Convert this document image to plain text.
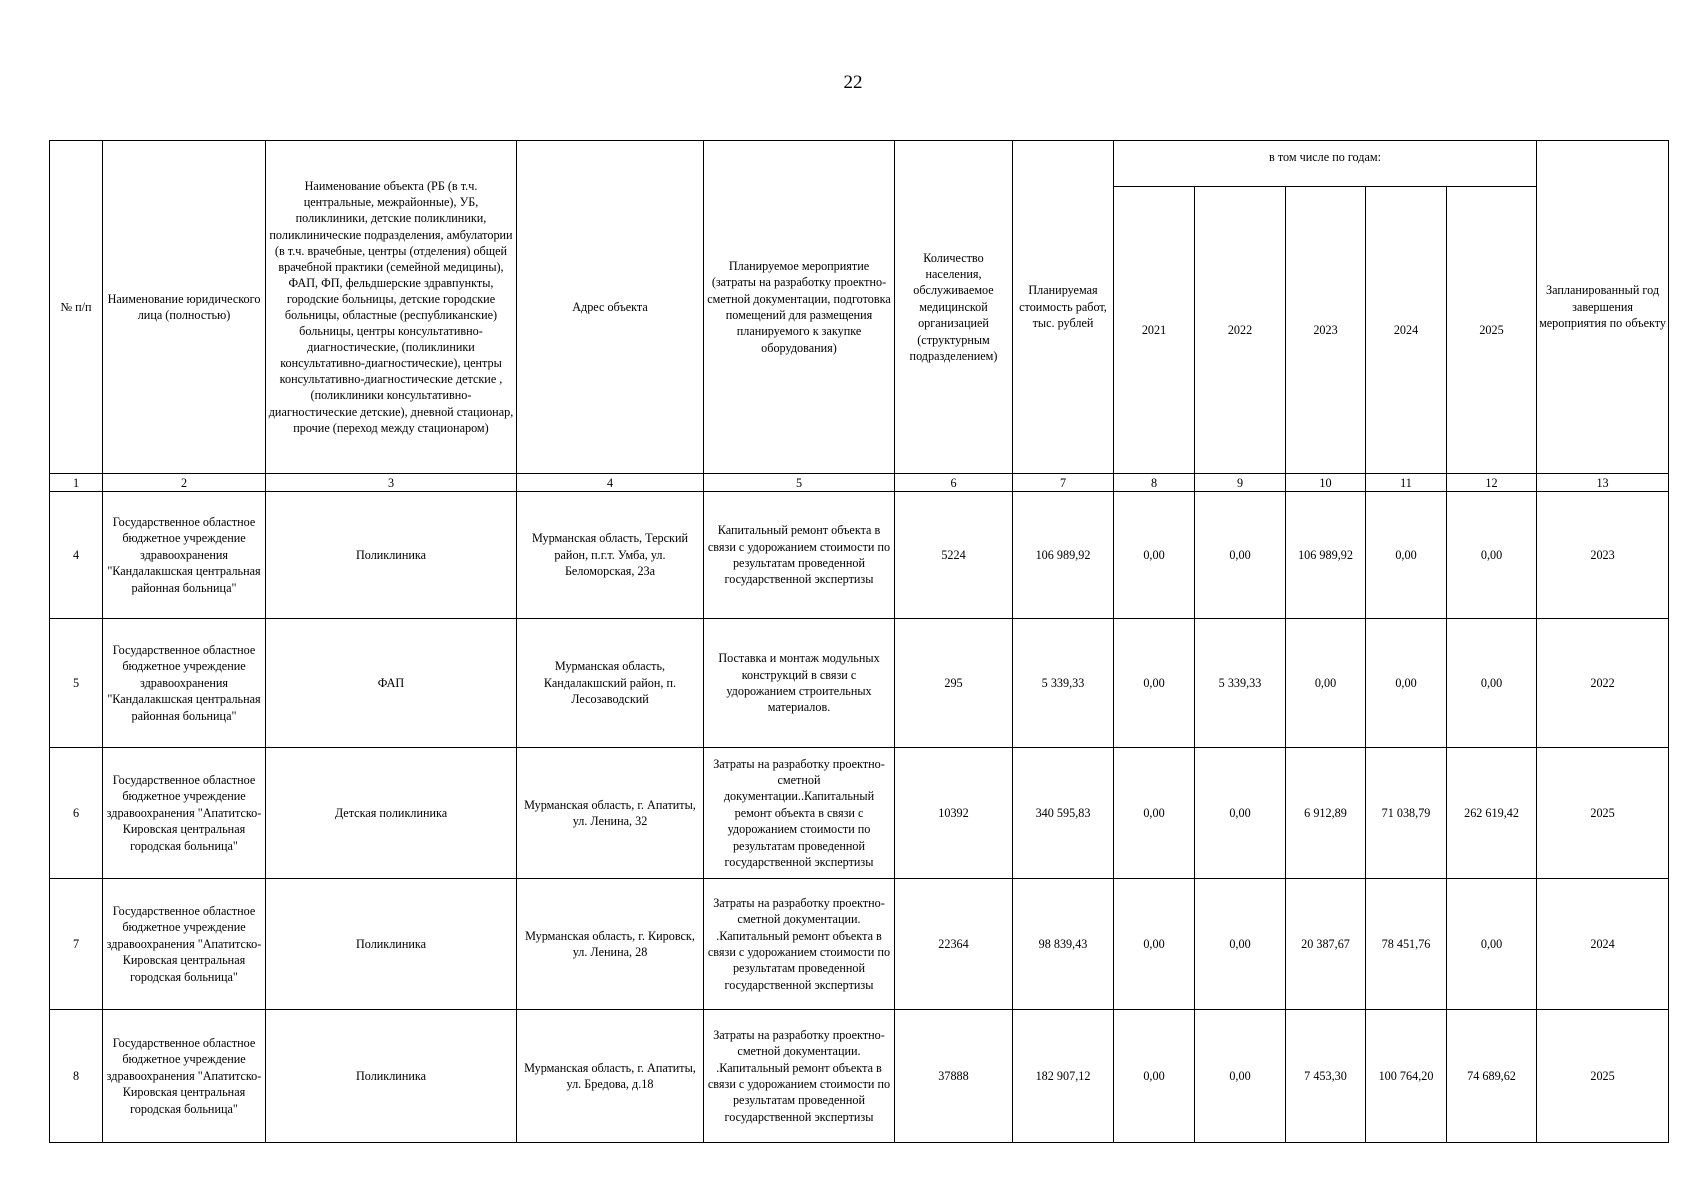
22
№ п/п	Наименование юридического лица (полностью)	Наименование объекта (РБ (в т.ч. центральные, межрайонные), УБ, поликлиники, детские поликлиники, поликлинические подразделения, амбулатории (в т.ч. врачебные, центры (отделения) общей врачебной практики (семейной медицины), ФАП, ФП, фельдшерские здравпункты, городские больницы, детские городские больницы, областные (республиканские) больницы, центры консультативно-диагностические, (поликлиники консультативно-диагностические), центры консультативно-диагностические детские , (поликлиники консультативно-диагностические детские), дневной стационар, прочие (переход между стационаром)	Адрес объекта	Планируемое мероприятие (затраты на разработку проектно-сметной документации, подготовка помещений для размещения планируемого к закупке оборудования)	Количество населения, обслуживаемое медицинской организацией (структурным подразделением)	Планируемая стоимость работ, тыс. рублей	в том числе по годам:					Запланированный год завершения мероприятия по объекту
							2021	2022	2023	2024	2025	
1	2	3	4	5	6	7	8	9	10	11	12	13
4	Государственное областное бюджетное учреждение здравоохранения "Кандалакшская центральная районная больница"	Поликлиника	Мурманская область, Терский район, п.г.т. Умба, ул. Беломорская, 23а	Капитальный ремонт объекта в связи с удорожанием стоимости по результатам проведенной государственной экспертизы	5224	106 989,92	0,00	0,00	106 989,92	0,00	0,00	2023
5	Государственное областное бюджетное учреждение здравоохранения "Кандалакшская центральная районная больница"	ФАП	Мурманская область, Кандалакшский район, п. Лесозаводский	Поставка и монтаж модульных конструкций в связи с удорожанием строительных материалов.	295	5 339,33	0,00	5 339,33	0,00	0,00	0,00	2022
6	Государственное областное бюджетное учреждение здравоохранения "Апатитско-Кировская центральная городская больница"	Детская поликлиника	Мурманская область, г. Апатиты, ул. Ленина, 32	Затраты на разработку проектно-сметной документации..Капитальный ремонт объекта в связи с удорожанием стоимости по результатам проведенной государственной экспертизы	10392	340 595,83	0,00	0,00	6 912,89	71 038,79	262 619,42	2025
7	Государственное областное бюджетное учреждение здравоохранения "Апатитско-Кировская центральная городская больница"	Поликлиника	Мурманская область, г. Кировск, ул. Ленина, 28	Затраты на разработку проектно-сметной документации. .Капитальный ремонт объекта в связи с удорожанием стоимости по результатам проведенной государственной экспертизы	22364	98 839,43	0,00	0,00	20 387,67	78 451,76	0,00	2024
8	Государственное областное бюджетное учреждение здравоохранения "Апатитско-Кировская центральная городская больница"	Поликлиника	Мурманская область, г. Апатиты, ул. Бредова, д.18	Затраты на разработку проектно-сметной документации. .Капитальный ремонт объекта в связи с удорожанием стоимости по результатам проведенной государственной экспертизы	37888	182 907,12	0,00	0,00	7 453,30	100 764,20	74 689,62	2025
